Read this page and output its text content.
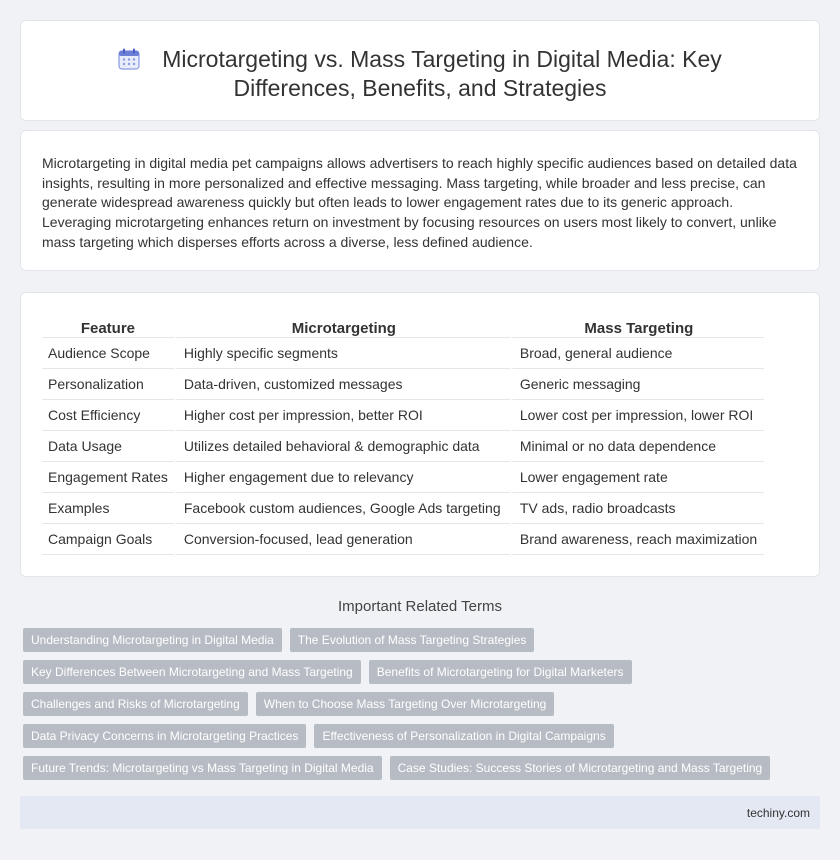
Microtargeting vs. Mass Targeting in Digital Media: Key
Differences, Benefits, and Strategies

Microtargeting in digital media pet campaigns allows advertisers to reach highly specific audiences based on detailed data insights, resulting in more personalized and effective messaging. Mass targeting, while broader and less precise, can generate widespread awareness quickly but often leads to lower engagement rates due to its generic approach. Leveraging microtargeting enhances return on investment by focusing resources on users most likely to convert, unlike mass targeting which disperses efforts across a diverse, less defined audience.

Feature	Microtargeting	Mass Targeting
Audience Scope	Highly specific segments	Broad, general audience
Personalization	Data-driven, customized messages	Generic messaging
Cost Efficiency	Higher cost per impression, better ROI	Lower cost per impression, lower ROI
Data Usage	Utilizes detailed behavioral & demographic data	Minimal or no data dependence
Engagement Rates	Higher engagement due to relevancy	Lower engagement rate
Examples	Facebook custom audiences, Google Ads targeting	TV ads, radio broadcasts
Campaign Goals	Conversion-focused, lead generation	Brand awareness, reach maximization
Important Related Terms
Understanding Microtargeting in Digital Media	The Evolution of Mass Targeting Strategies
Key Differences Between Microtargeting and Mass Targeting	Benefits of Microtargeting for Digital Marketers
Challenges and Risks of Microtargeting	When to Choose Mass Targeting Over Microtargeting
Data Privacy Concerns in Microtargeting Practices	Effectiveness of Personalization in Digital Campaigns
Future Trends: Microtargeting vs Mass Targeting in Digital Media	Case Studies: Success Stories of Microtargeting and Mass Targeting
techiny.com
